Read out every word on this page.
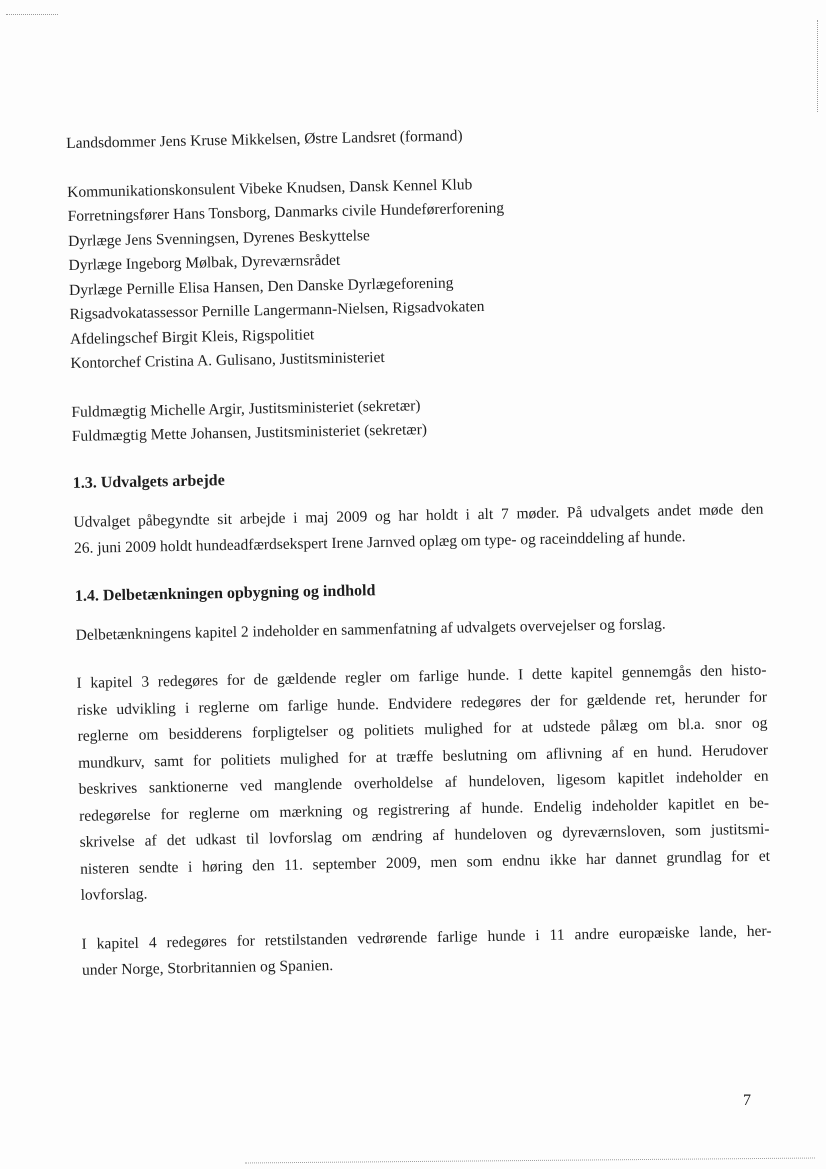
Landsdommer Jens Kruse Mikkelsen, Østre Landsret (formand)
Kommunikationskonsulent Vibeke Knudsen, Dansk Kennel Klub
Forretningsfører Hans Tonsborg, Danmarks civile Hundeførerforening
Dyrlæge Jens Svenningsen, Dyrenes Beskyttelse
Dyrlæge Ingeborg Mølbak, Dyreværnsrådet
Dyrlæge Pernille Elisa Hansen, Den Danske Dyrlægeforening
Rigsadvokatassessor Pernille Langermann-Nielsen, Rigsadvokaten
Afdelingschef Birgit Kleis, Rigspolitiet
Kontorchef Cristina A. Gulisano, Justitsministeriet
Fuldmægtig Michelle Argir, Justitsministeriet (sekretær)
Fuldmægtig Mette Johansen, Justitsministeriet (sekretær)
1.3. Udvalgets arbejde
Udvalget påbegyndte sit arbejde i maj 2009 og har holdt i alt 7 møder. På udvalgets andet møde den
26. juni 2009 holdt hundeadfærdsekspert Irene Jarnved oplæg om type- og raceinddeling af hunde.
1.4. Delbetænkningen opbygning og indhold
Delbetænkningens kapitel 2 indeholder en sammenfatning af udvalgets overvejelser og forslag.
I kapitel 3 redegøres for de gældende regler om farlige hunde. I dette kapitel gennemgås den histo-
riske udvikling i reglerne om farlige hunde. Endvidere redegøres der for gældende ret, herunder for
reglerne om besidderens forpligtelser og politiets mulighed for at udstede pålæg om bl.a. snor og
mundkurv, samt for politiets mulighed for at træffe beslutning om aflivning af en hund. Herudover
beskrives sanktionerne ved manglende overholdelse af hundeloven, ligesom kapitlet indeholder en
redegørelse for reglerne om mærkning og registrering af hunde. Endelig indeholder kapitlet en be-
skrivelse af det udkast til lovforslag om ændring af hundeloven og dyreværnsloven, som justitsmi-
nisteren sendte i høring den 11. september 2009, men som endnu ikke har dannet grundlag for et
lovforslag.
I kapitel 4 redegøres for retstilstanden vedrørende farlige hunde i 11 andre europæiske lande, her-
under Norge, Storbritannien og Spanien.
7
